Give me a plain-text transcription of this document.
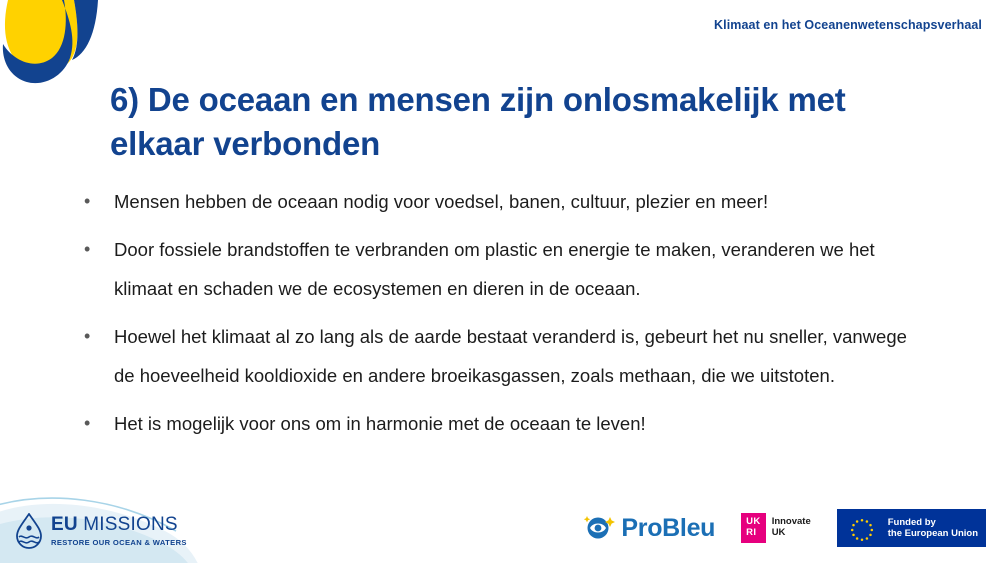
Klimaat en het Oceanenwetenschapsverhaal
6) De oceaan en mensen zijn onlosmakelijk met elkaar verbonden
•	Mensen hebben de oceaan nodig voor voedsel, banen, cultuur, plezier en meer!
•	Door fossiele brandstoffen te verbranden om plastic en energie te maken, veranderen we het klimaat en schaden we de ecosystemen en dieren in de oceaan.
•	Hoewel het klimaat al zo lang als de aarde bestaat veranderd is, gebeurt het nu sneller, vanwege de hoeveelheid kooldioxide en andere broeikasgassen, zoals methaan, die we uitstoten.
•	Het is mogelijk voor ons om in harmonie met de oceaan te leven!
EU MISSIONS
RESTORE OUR OCEAN & WATERS
ProBleu	UK
RI
Innovate
UK
Funded by
the European Union
